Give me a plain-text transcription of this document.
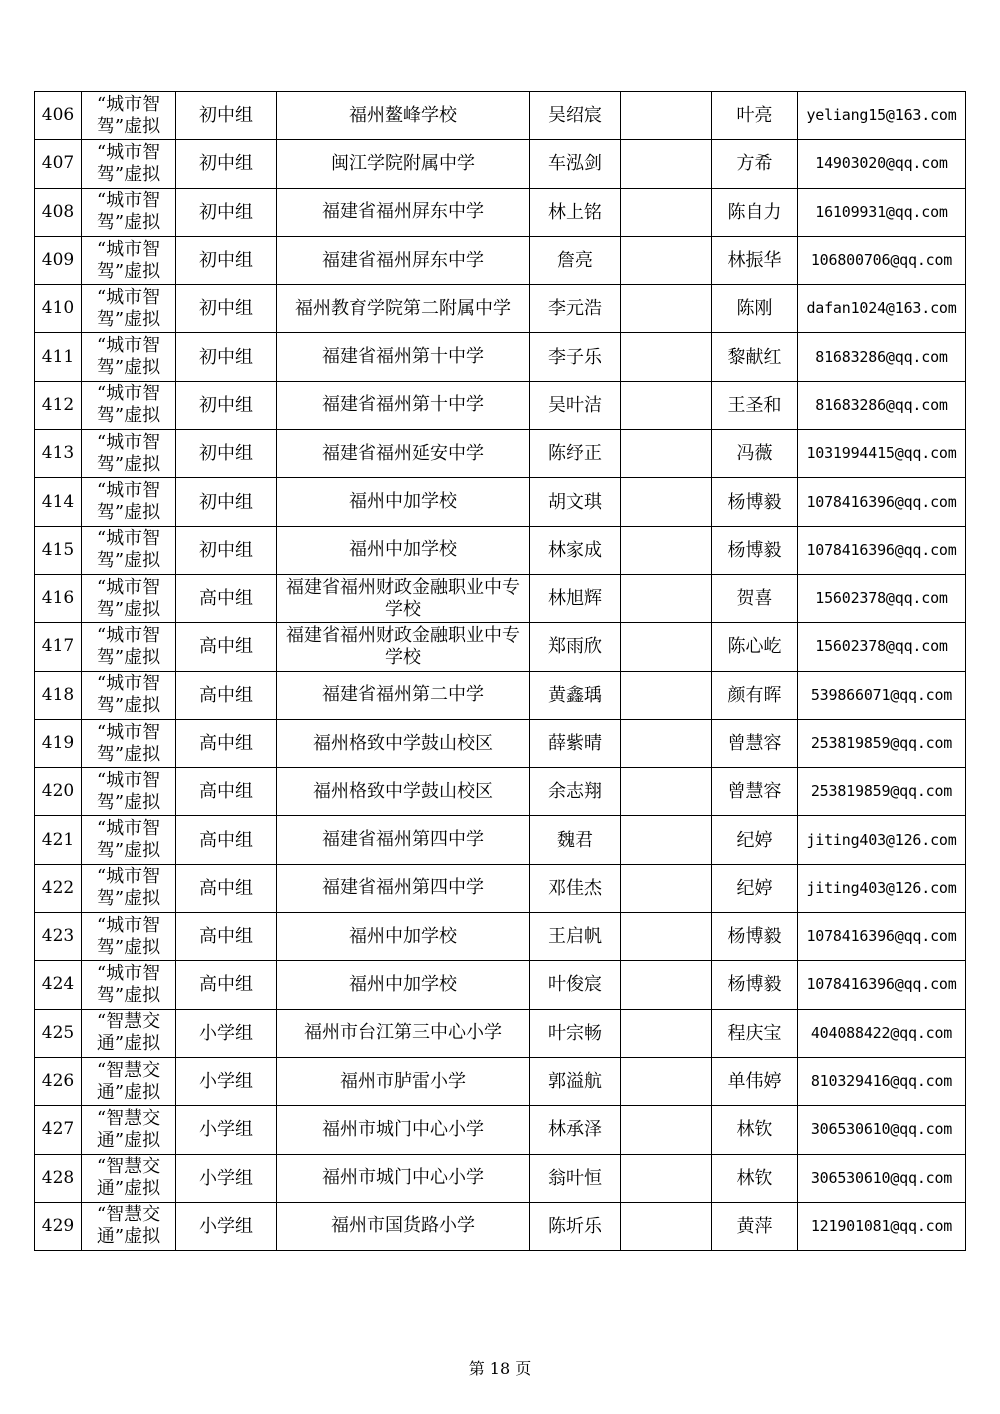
406	“城市智驾”虚拟	初中组	福州鳌峰学校	吴绍宸		叶亮	yeliang15@163.com
407	“城市智驾”虚拟	初中组	闽江学院附属中学	车泓剑		方希	14903020@qq.com
408	“城市智驾”虚拟	初中组	福建省福州屏东中学	林上铭		陈自力	16109931@qq.com
409	“城市智驾”虚拟	初中组	福建省福州屏东中学	詹亮		林振华	106800706@qq.com
410	“城市智驾”虚拟	初中组	福州教育学院第二附属中学	李元浩		陈刚	dafan1024@163.com
411	“城市智驾”虚拟	初中组	福建省福州第十中学	李子乐		黎献红	81683286@qq.com
412	“城市智驾”虚拟	初中组	福建省福州第十中学	吴叶洁		王圣和	81683286@qq.com
413	“城市智驾”虚拟	初中组	福建省福州延安中学	陈纾正		冯薇	1031994415@qq.com
414	“城市智驾”虚拟	初中组	福州中加学校	胡文琪		杨博毅	1078416396@qq.com
415	“城市智驾”虚拟	初中组	福州中加学校	林家成		杨博毅	1078416396@qq.com
416	“城市智驾”虚拟	高中组	福建省福州财政金融职业中专学校	林旭辉		贺喜	15602378@qq.com
417	“城市智驾”虚拟	高中组	福建省福州财政金融职业中专学校	郑雨欣		陈心屹	15602378@qq.com
418	“城市智驾”虚拟	高中组	福建省福州第二中学	黄鑫瑀		颜有晖	539866071@qq.com
419	“城市智驾”虚拟	高中组	福州格致中学鼓山校区	薛紫晴		曾慧容	253819859@qq.com
420	“城市智驾”虚拟	高中组	福州格致中学鼓山校区	余志翔		曾慧容	253819859@qq.com
421	“城市智驾”虚拟	高中组	福建省福州第四中学	魏君		纪婷	jiting403@126.com
422	“城市智驾”虚拟	高中组	福建省福州第四中学	邓佳杰		纪婷	jiting403@126.com
423	“城市智驾”虚拟	高中组	福州中加学校	王启帆		杨博毅	1078416396@qq.com
424	“城市智驾”虚拟	高中组	福州中加学校	叶俊宸		杨博毅	1078416396@qq.com
425	“智慧交通”虚拟	小学组	福州市台江第三中心小学	叶宗畅		程庆宝	404088422@qq.com
426	“智慧交通”虚拟	小学组	福州市胪雷小学	郭溢航		单伟婷	810329416@qq.com
427	“智慧交通”虚拟	小学组	福州市城门中心小学	林承泽		林钦	306530610@qq.com
428	“智慧交通”虚拟	小学组	福州市城门中心小学	翁叶恒		林钦	306530610@qq.com
429	“智慧交通”虚拟	小学组	福州市国货路小学	陈圻乐		黄萍	121901081@qq.com
第 18 页
